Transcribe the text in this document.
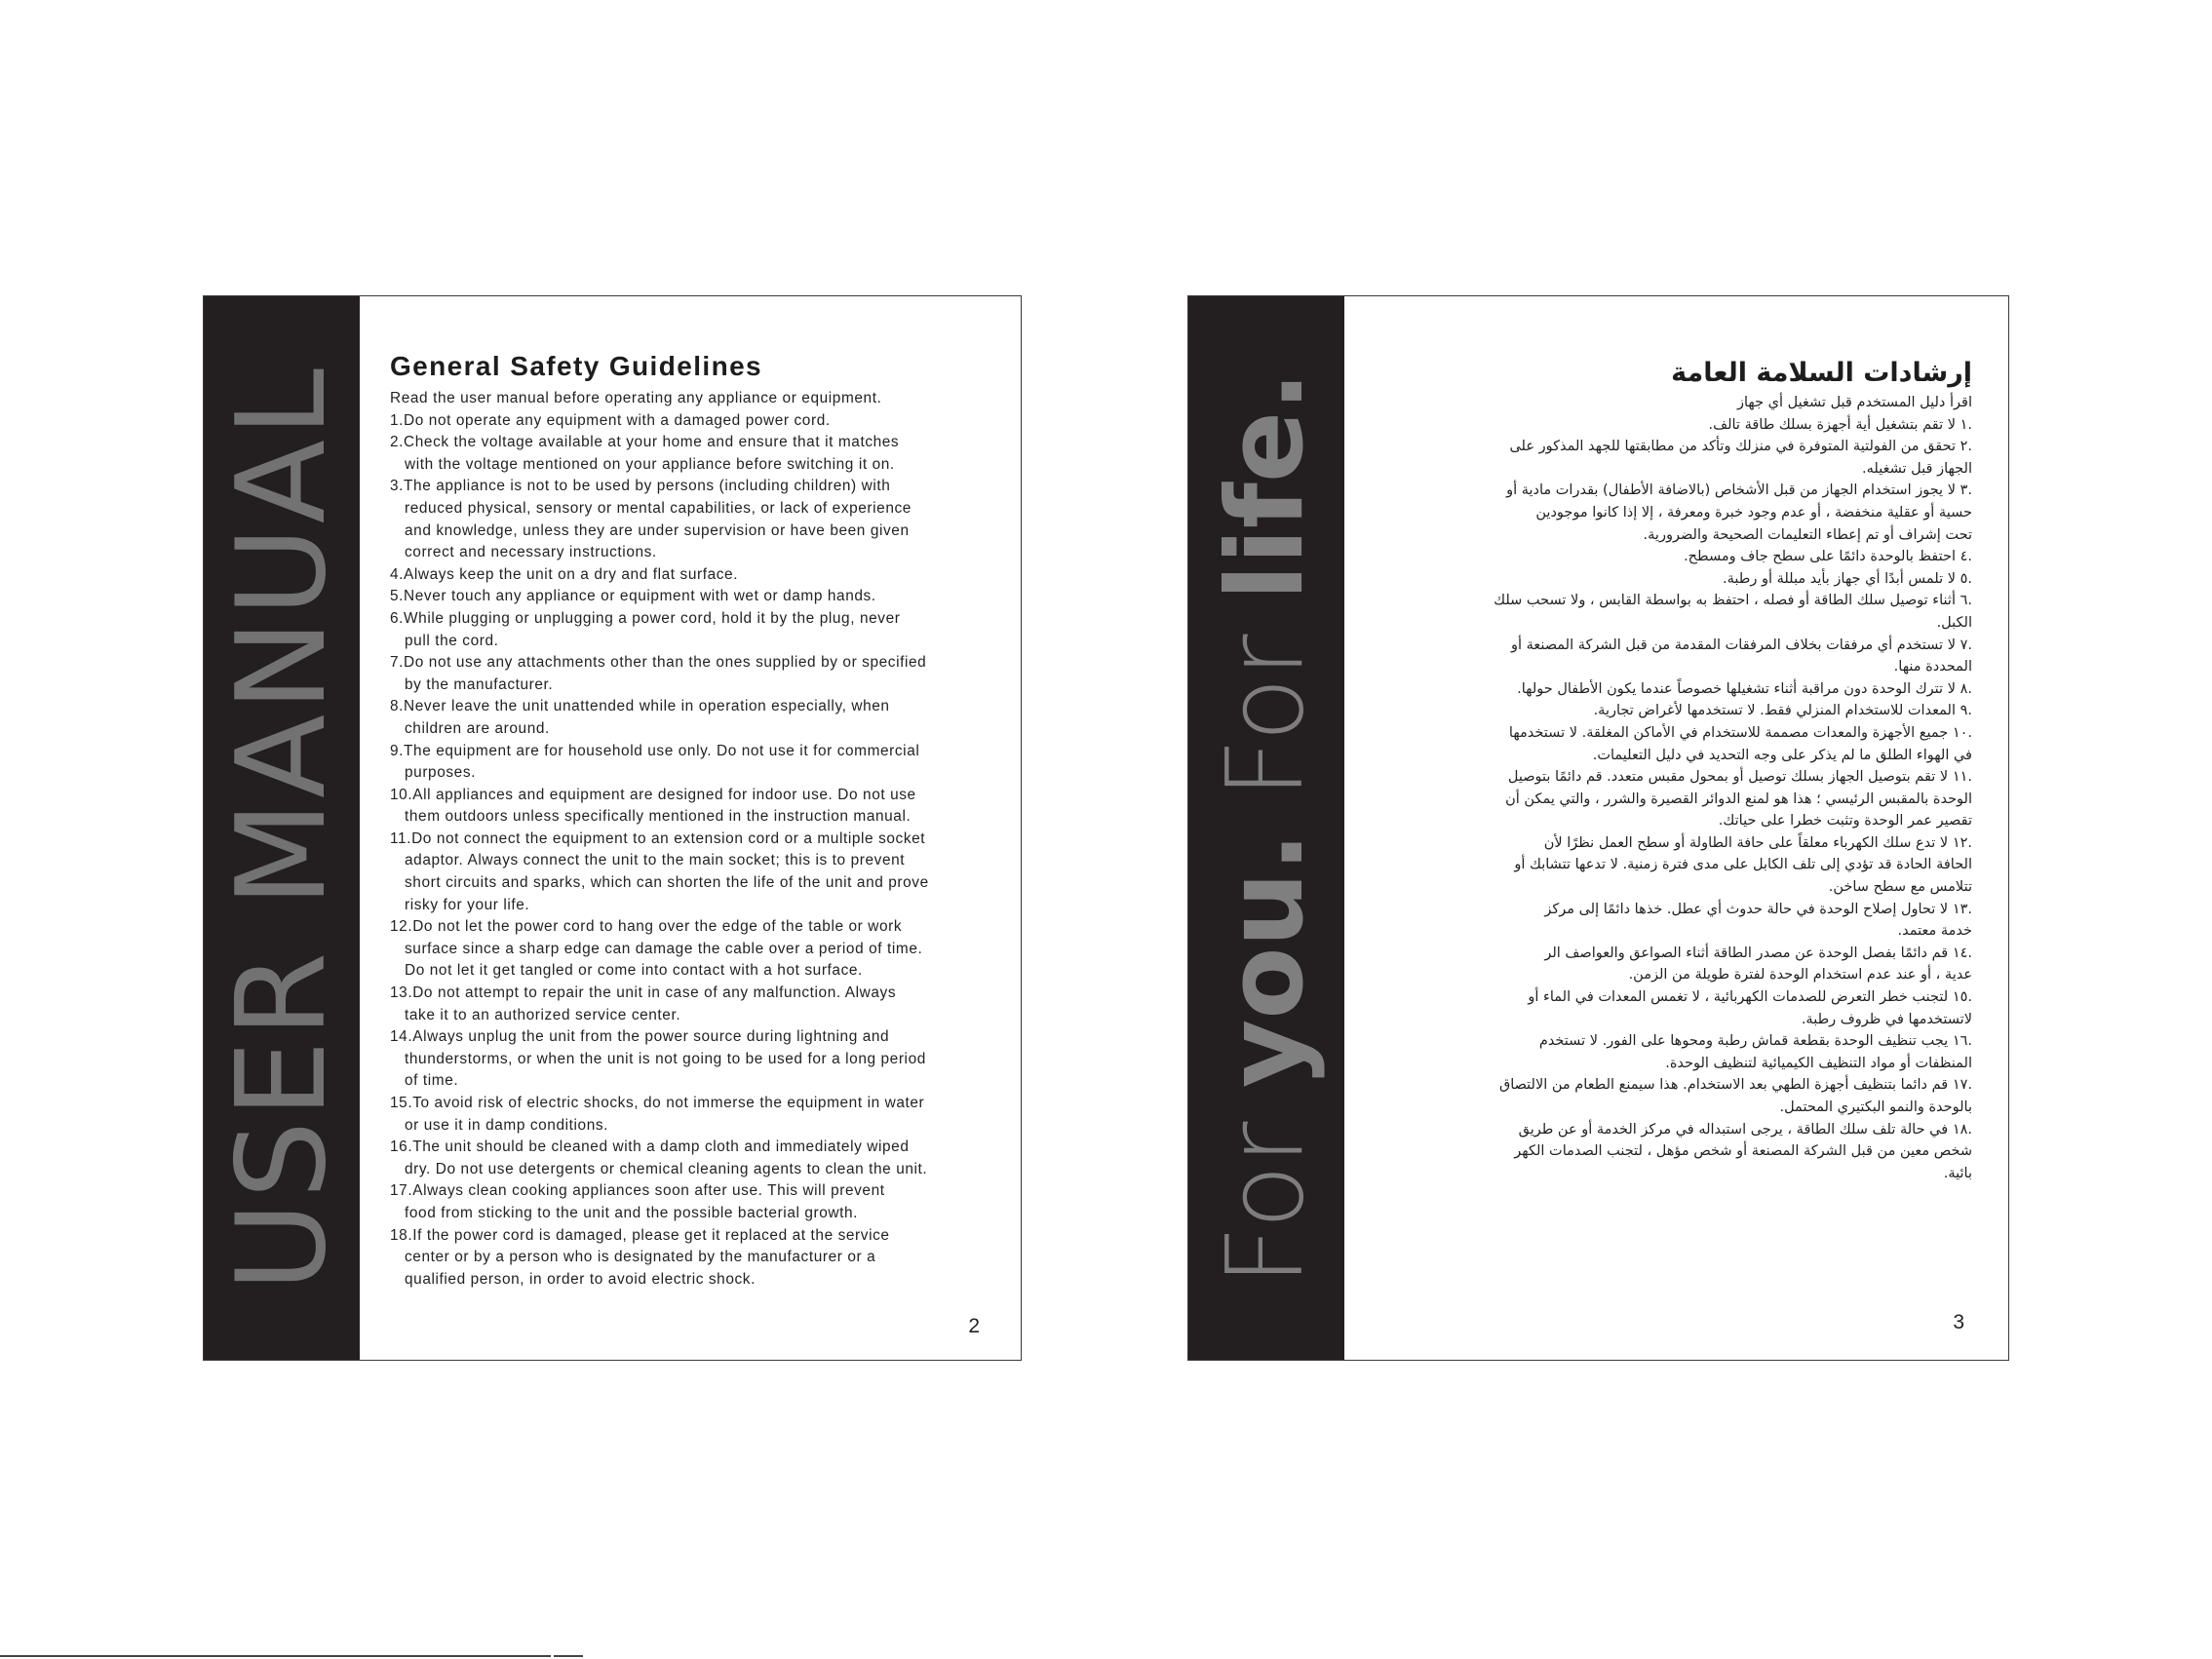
USER MANUAL General Safety Guidelines
Read the user manual before operating any appliance or equipment.
1.Do not operate any equipment with a damaged power cord.
2.Check the voltage available at your home and ensure that it matches
with the voltage mentioned on your appliance before switching it on.
3.The appliance is not to be used by persons (including children) with
reduced physical, sensory or mental capabilities, or lack of experience
and knowledge, unless they are under supervision or have been given
correct and necessary instructions.
4.Always keep the unit on a dry and flat surface.
5.Never touch any appliance or equipment with wet or damp hands.
6.While plugging or unplugging a power cord, hold it by the plug, never
pull the cord.
7.Do not use any attachments other than the ones supplied by or specified
by the manufacturer.
8.Never leave the unit unattended while in operation especially, when
children are around.
9.The equipment are for household use only. Do not use it for commercial
purposes.
10.All appliances and equipment are designed for indoor use. Do not use
them outdoors unless specifically mentioned in the instruction manual.
11.Do not connect the equipment to an extension cord or a multiple socket
adaptor. Always connect the unit to the main socket; this is to prevent
short circuits and sparks, which can shorten the life of the unit and prove
risky for your life.
12.Do not let the power cord to hang over the edge of the table or work
surface since a sharp edge can damage the cable over a period of time.
Do not let it get tangled or come into contact with a hot surface.
13.Do not attempt to repair the unit in case of any malfunction. Always
take it to an authorized service center.
14.Always unplug the unit from the power source during lightning and
thunderstorms, or when the unit is not going to be used for a long period
of time.
15.To avoid risk of electric shocks, do not immerse the equipment in water
or use it in damp conditions.
16.The unit should be cleaned with a damp cloth and immediately wiped
dry. Do not use detergents or chemical cleaning agents to clean the unit.
17.Always clean cooking appliances soon after use. This will prevent
food from sticking to the unit and the possible bacterial growth.
18.If the power cord is damaged, please get it replaced at the service
center or by a person who is designated by the manufacturer or a
qualified person, in order to avoid electric shock.
2
For you. For life.	إرشادات السلامة العامة

اقرأ دليل المستخدم قبل تشغيل أي جهاز

.١ لا تقم بتشغيل أية أجهزة بسلك طاقة تالف.

.٢ تحقق من الفولتية المتوفرة في منزلك وتأكد من مطابقتها للجهد المذكور على

الجهاز قبل تشغيله.

.٣ لا يجوز استخدام الجهاز من قبل الأشخاص (بالاضافة الأطفال) بقدرات مادية أو

حسية أو عقلية منخفضة ، أو عدم وجود خبرة ومعرفة ، إلا إذا كانوا موجودين

تحت إشراف أو تم إعطاء التعليمات الصحيحة والضرورية.

.٤ احتفظ بالوحدة دائمًا على سطح جاف ومسطح.

.٥ لا تلمس أبدًا أي جهاز بأيد مبللة أو رطبة.

.٦ أثناء توصيل سلك الطاقة أو فصله ، احتفظ به بواسطة القابس ، ولا تسحب سلك

الكبل.

.٧ لا تستخدم أي مرفقات بخلاف المرفقات المقدمة من قبل الشركة المصنعة أو

المحددة منها.

.٨ لا تترك الوحدة دون مراقبة أثناء تشغيلها خصوصاً عندما يكون الأطفال حولها.

.٩ المعدات للاستخدام المنزلي فقط. لا تستخدمها لأغراض تجارية.

.١٠ جميع الأجهزة والمعدات مصممة للاستخدام في الأماكن المغلقة. لا تستخدمها

في الهواء الطلق ما لم يذكر على وجه التحديد في دليل التعليمات.

.١١ لا تقم بتوصيل الجهاز بسلك توصيل أو بمحول مقبس متعدد. قم دائمًا بتوصيل

الوحدة بالمقبس الرئيسي ؛ هذا هو لمنع الدوائر القصيرة والشرر ، والتي يمكن أن

تقصير عمر الوحدة وتثبت خطرا على حياتك.

.١٢ لا تدع سلك الكهرباء معلقاً على حافة الطاولة أو سطح العمل نظرًا لأن

الحافة الحادة قد تؤدي إلى تلف الكابل على مدى فترة زمنية. لا تدعها تتشابك أو

تتلامس مع سطح ساخن.

.١٣ لا تحاول إصلاح الوحدة في حالة حدوث أي عطل. خذها دائمًا إلى مركز

خدمة معتمد.

.١٤ قم دائمًا بفصل الوحدة عن مصدر الطاقة أثناء الصواعق والعواصف الر

عدية ، أو عند عدم استخدام الوحدة لفترة طويلة من الزمن.

.١٥ لتجنب خطر التعرض للصدمات الكهربائية ، لا تغمس المعدات في الماء أو

لاتستخدمها في ظروف رطبة.

.١٦ يجب تنظيف الوحدة بقطعة قماش رطبة ومحوها على الفور. لا تستخدم

المنظفات أو مواد التنظيف الكيميائية لتنظيف الوحدة.

.١٧ قم دائما بتنظيف أجهزة الطهي بعد الاستخدام. هذا سيمنع الطعام من الالتصاق

بالوحدة والنمو البكتيري المحتمل.

.١٨ في حالة تلف سلك الطاقة ، يرجى استبداله في مركز الخدمة أو عن طريق

شخص معين من قبل الشركة المصنعة أو شخص مؤهل ، لتجنب الصدمات الكهر

بائية.

3
